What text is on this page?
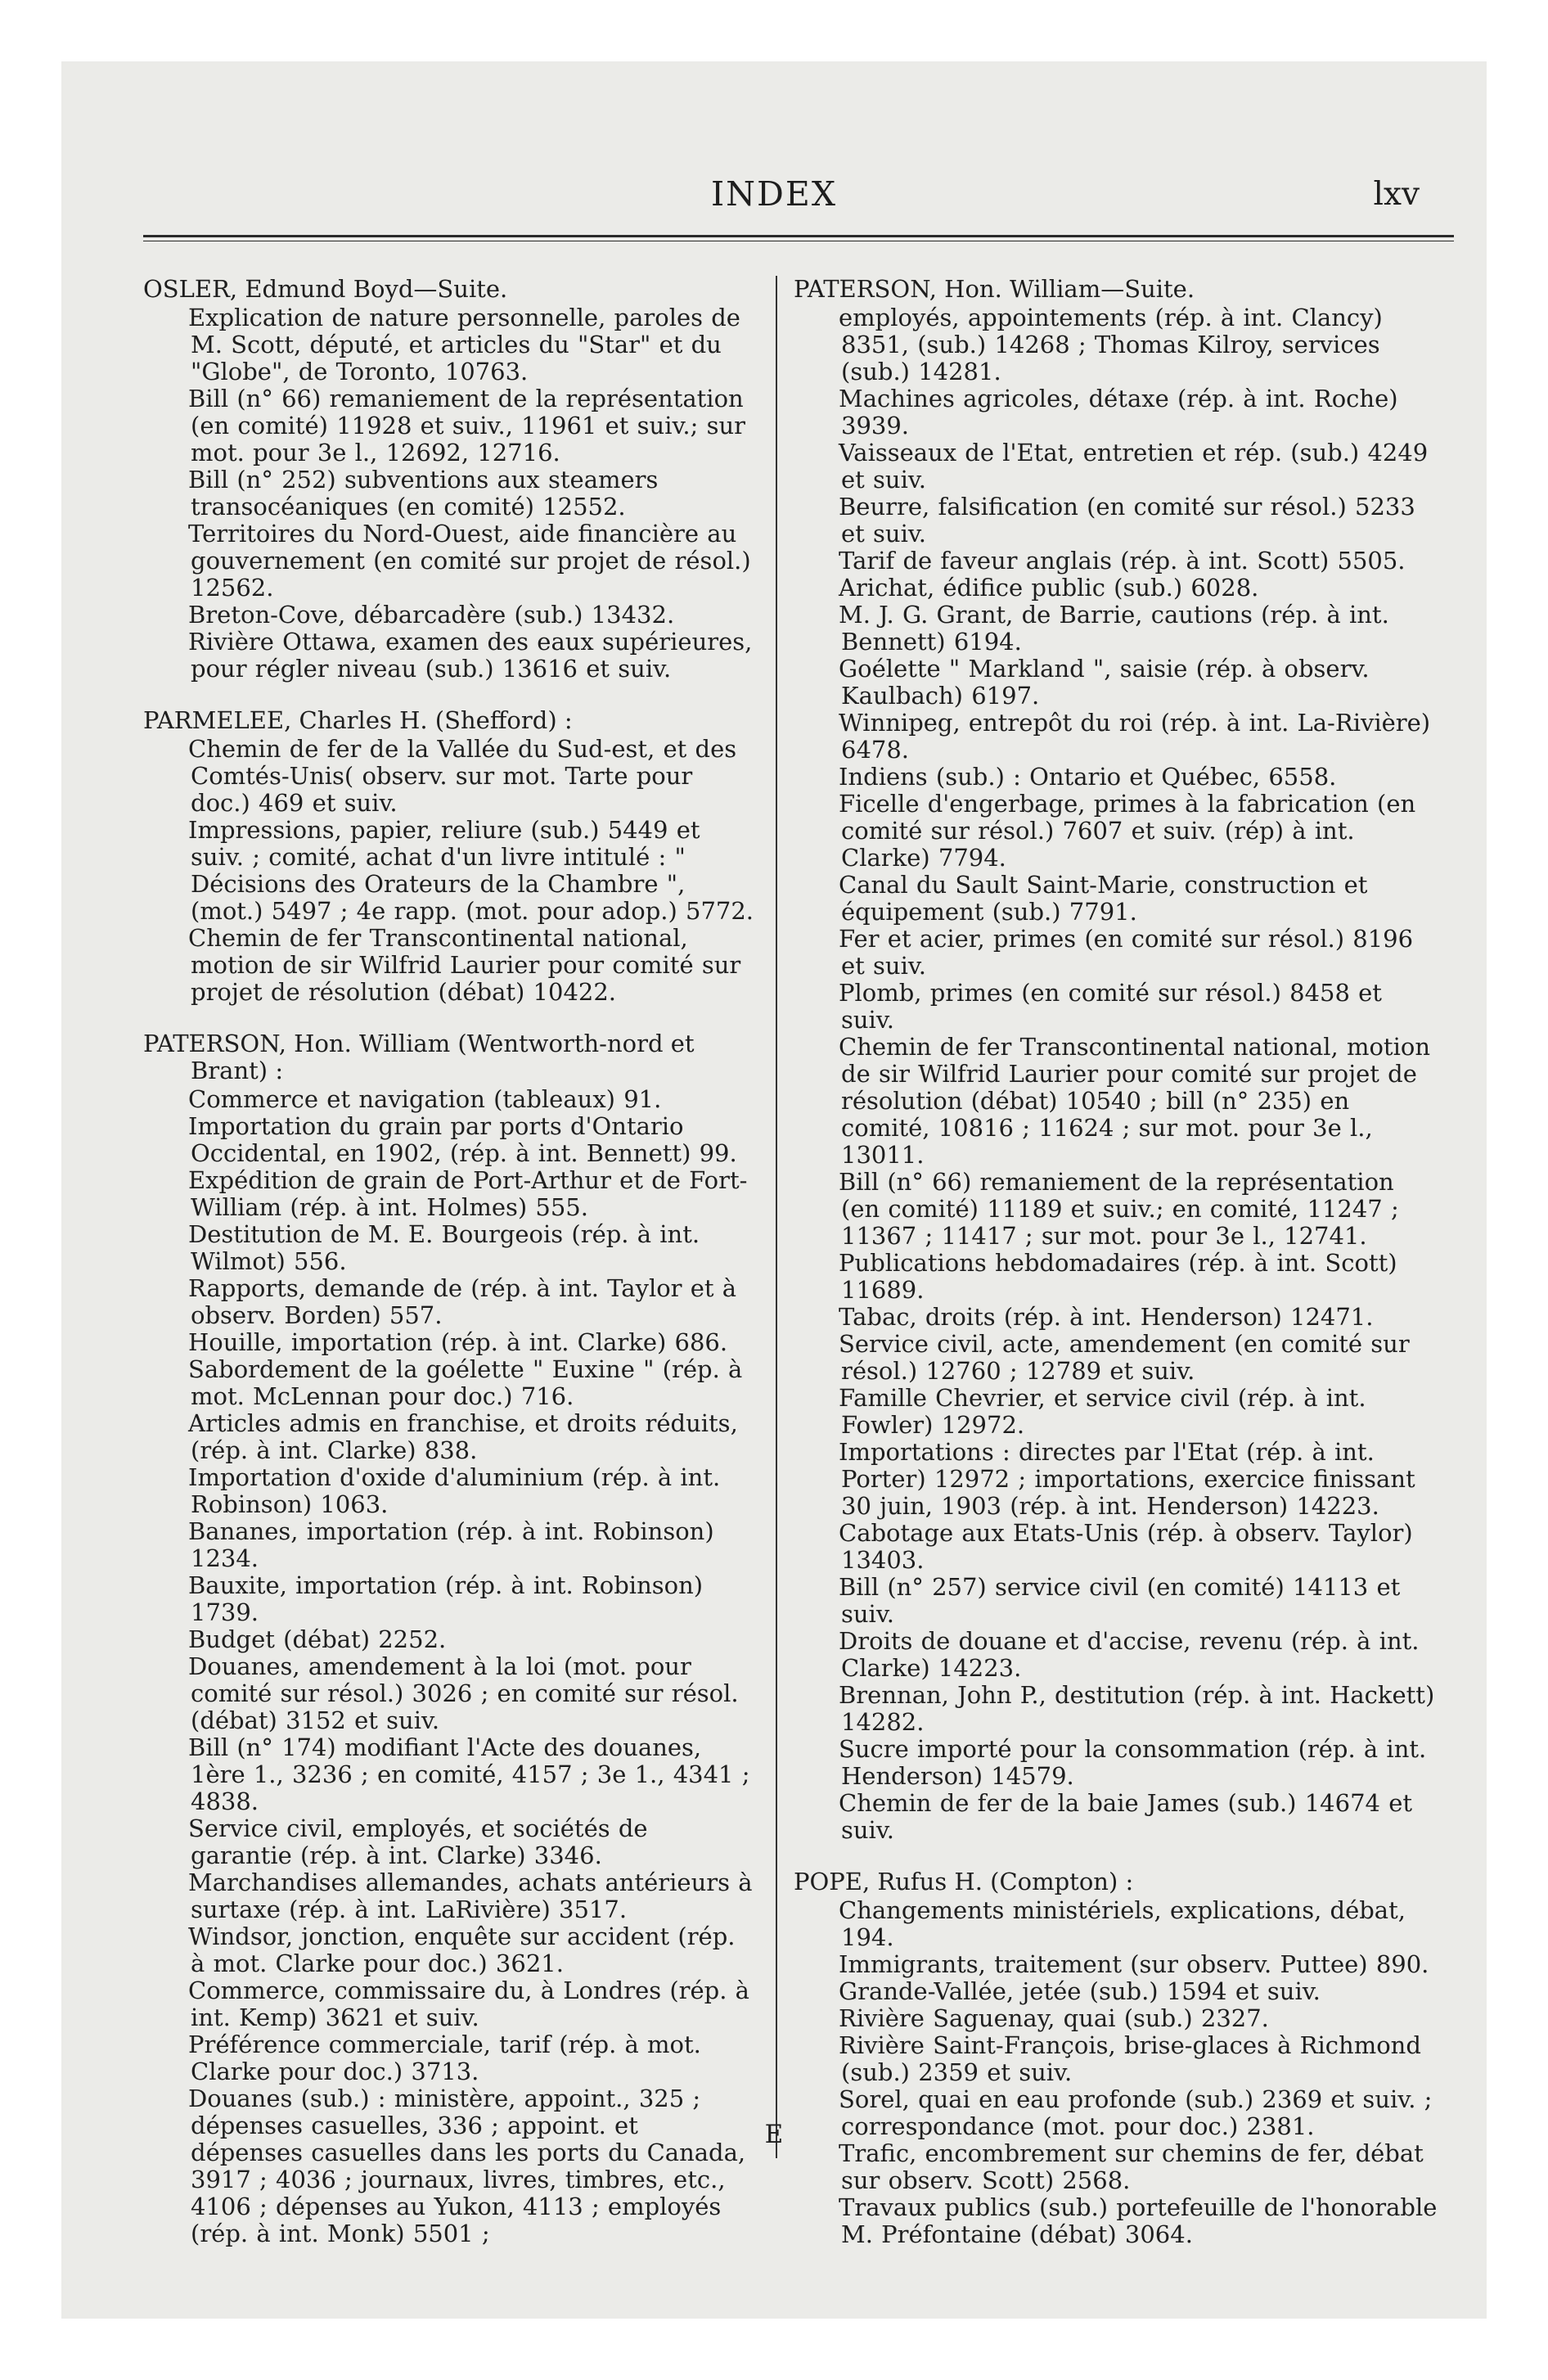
INDEX	lxv

OSLER, Edmund Boyd—Suite.

Explication de nature personnelle, paroles de M. Scott, député, et articles du "Star" et du "Globe", de Toronto, 10763.

Bill (n° 66) remaniement de la représentation (en comité) 11928 et suiv., 11961 et suiv.; sur mot. pour 3e l., 12692, 12716.

Bill (n° 252) subventions aux steamers transocéaniques (en comité) 12552.

Territoires du Nord-Ouest, aide financière au gouvernement (en comité sur projet de résol.) 12562.

Breton-Cove, débarcadère (sub.) 13432.

Rivière Ottawa, examen des eaux supérieures, pour régler niveau (sub.) 13616 et suiv.

PARMELEE, Charles H. (Shefford) :

Chemin de fer de la Vallée du Sud-est, et des Comtés-Unis( observ. sur mot. Tarte pour doc.) 469 et suiv.

Impressions, papier, reliure (sub.) 5449 et suiv. ; comité, achat d'un livre intitulé : " Décisions des Orateurs de la Chambre ", (mot.) 5497 ; 4e rapp. (mot. pour adop.) 5772.

Chemin de fer Transcontinental national, motion de sir Wilfrid Laurier pour comité sur projet de résolution (débat) 10422.

PATERSON, Hon. William (Wentworth-nord et Brant) :

Commerce et navigation (tableaux) 91.

Importation du grain par ports d'Ontario Occidental, en 1902, (rép. à int. Bennett) 99.

Expédition de grain de Port-Arthur et de Fort-William (rép. à int. Holmes) 555.

Destitution de M. E. Bourgeois (rép. à int. Wilmot) 556.

Rapports, demande de (rép. à int. Taylor et à observ. Borden) 557.

Houille, importation (rép. à int. Clarke) 686.

Sabordement de la goélette " Euxine " (rép. à mot. McLennan pour doc.) 716.

Articles admis en franchise, et droits réduits, (rép. à int. Clarke) 838.

Importation d'oxide d'aluminium (rép. à int. Robinson) 1063.

Bananes, importation (rép. à int. Robinson) 1234.

Bauxite, importation (rép. à int. Robinson) 1739.

Budget (débat) 2252.

Douanes, amendement à la loi (mot. pour comité sur résol.) 3026 ; en comité sur résol. (débat) 3152 et suiv.

Bill (n° 174) modifiant l'Acte des douanes, 1ère 1., 3236 ; en comité, 4157 ; 3e 1., 4341 ; 4838.

Service civil, employés, et sociétés de garantie (rép. à int. Clarke) 3346.

Marchandises allemandes, achats antérieurs à surtaxe (rép. à int. LaRivière) 3517.

Windsor, jonction, enquête sur accident (rép. à mot. Clarke pour doc.) 3621.

Commerce, commissaire du, à Londres (rép. à int. Kemp) 3621 et suiv.

Préférence commerciale, tarif (rép. à mot. Clarke pour doc.) 3713.

Douanes (sub.) : ministère, appoint., 325 ; dépenses casuelles, 336 ; appoint. et dépenses casuelles dans les ports du Canada, 3917 ; 4036 ; journaux, livres, timbres, etc., 4106 ; dépenses au Yukon, 4113 ; employés (rép. à int. Monk) 5501 ;

PATERSON, Hon. William—Suite.

employés, appointements (rép. à int. Clancy) 8351, (sub.) 14268 ; Thomas Kilroy, services (sub.) 14281.

Machines agricoles, détaxe (rép. à int. Roche) 3939.

Vaisseaux de l'Etat, entretien et rép. (sub.) 4249 et suiv.

Beurre, falsification (en comité sur résol.) 5233 et suiv.

Tarif de faveur anglais (rép. à int. Scott) 5505.

Arichat, édifice public (sub.) 6028.

M. J. G. Grant, de Barrie, cautions (rép. à int. Bennett) 6194.

Goélette " Markland ", saisie (rép. à observ. Kaulbach) 6197.

Winnipeg, entrepôt du roi (rép. à int. La-Rivière) 6478.

Indiens (sub.) : Ontario et Québec, 6558.

Ficelle d'engerbage, primes à la fabrication (en comité sur résol.) 7607 et suiv. (rép) à int. Clarke) 7794.

Canal du Sault Saint-Marie, construction et équipement (sub.) 7791.

Fer et acier, primes (en comité sur résol.) 8196 et suiv.

Plomb, primes (en comité sur résol.) 8458 et suiv.

Chemin de fer Transcontinental national, motion de sir Wilfrid Laurier pour comité sur projet de résolution (débat) 10540 ; bill (n° 235) en comité, 10816 ; 11624 ; sur mot. pour 3e l., 13011.

Bill (n° 66) remaniement de la représentation (en comité) 11189 et suiv.; en comité, 11247 ; 11367 ; 11417 ; sur mot. pour 3e l., 12741.

Publications hebdomadaires (rép. à int. Scott) 11689.

Tabac, droits (rép. à int. Henderson) 12471.

Service civil, acte, amendement (en comité sur résol.) 12760 ; 12789 et suiv.

Famille Chevrier, et service civil (rép. à int. Fowler) 12972.

Importations : directes par l'Etat (rép. à int. Porter) 12972 ; importations, exercice finissant 30 juin, 1903 (rép. à int. Henderson) 14223.

Cabotage aux Etats-Unis (rép. à observ. Taylor) 13403.

Bill (n° 257) service civil (en comité) 14113 et suiv.

Droits de douane et d'accise, revenu (rép. à int. Clarke) 14223.

Brennan, John P., destitution (rép. à int. Hackett) 14282.

Sucre importé pour la consommation (rép. à int. Henderson) 14579.

Chemin de fer de la baie James (sub.) 14674 et suiv.

POPE, Rufus H. (Compton) :

Changements ministériels, explications, débat, 194.

Immigrants, traitement (sur observ. Puttee) 890.

Grande-Vallée, jetée (sub.) 1594 et suiv.

Rivière Saguenay, quai (sub.) 2327.

Rivière Saint-François, brise-glaces à Richmond (sub.) 2359 et suiv.

Sorel, quai en eau profonde (sub.) 2369 et suiv. ; correspondance (mot. pour doc.) 2381.

Trafic, encombrement sur chemins de fer, débat sur observ. Scott) 2568.

Travaux publics (sub.) portefeuille de l'honorable M. Préfontaine (débat) 3064.

E
